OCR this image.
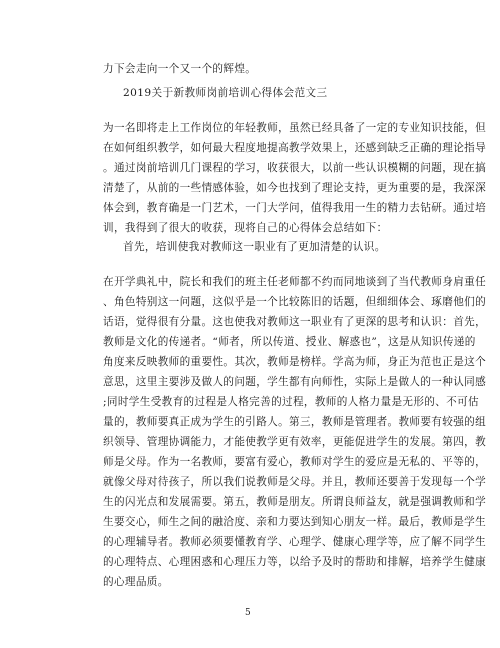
力下会走向一个又一个的辉煌。
2019关于新教师岗前培训心得体会范文三
为一名即将走上工作岗位的年轻教师，虽然已经具备了一定的专业知识技能，但
在如何组织教学，如何最大程度地提高教学效果上，还感到缺乏正确的理论指导
。通过岗前培训几门课程的学习，收获很大，以前一些认识模糊的问题，现在搞
清楚了，从前的一些情感体验，如今也找到了理论支持，更为重要的是，我深深
体会到，教育确是一门艺术，一门大学问，值得我用一生的精力去钻研。通过培
训，我得到了很大的收获，现将自己的心得体会总结如下：
首先，培训使我对教师这一职业有了更加清楚的认识。
在开学典礼中，院长和我们的班主任老师都不约而同地谈到了当代教师身肩重任
、角色特别这一问题，这似乎是一个比较陈旧的话题，但细细体会、琢磨他们的
话语，觉得很有分量。这也使我对教师这一职业有了更深的思考和认识：首先，
教师是文化的传递者。“师者，所以传道、授业、解惑也”，这是从知识传递的
角度来反映教师的重要性。其次，教师是榜样。学高为师，身正为范也正是这个
意思，这里主要涉及做人的问题，学生都有向师性，实际上是做人的一种认同感
;同时学生受教育的过程是人格完善的过程，教师的人格力量是无形的、不可估
量的，教师要真正成为学生的引路人。第三，教师是管理者。教师要有较强的组
织领导、管理协调能力，才能使教学更有效率，更能促进学生的发展。第四，教
师是父母。作为一名教师，要富有爱心，教师对学生的爱应是无私的、平等的，
就像父母对待孩子，所以我们说教师是父母。并且，教师还要善于发现每一个学
生的闪光点和发展需要。第五，教师是朋友。所谓良师益友，就是强调教师和学
生要交心，师生之间的融洽度、亲和力要达到知心朋友一样。最后，教师是学生
的心理辅导者。教师必须要懂教育学、心理学、健康心理学等，应了解不同学生
的心理特点、心理困惑和心理压力等，以给予及时的帮助和排解，培养学生健康
的心理品质。
5
